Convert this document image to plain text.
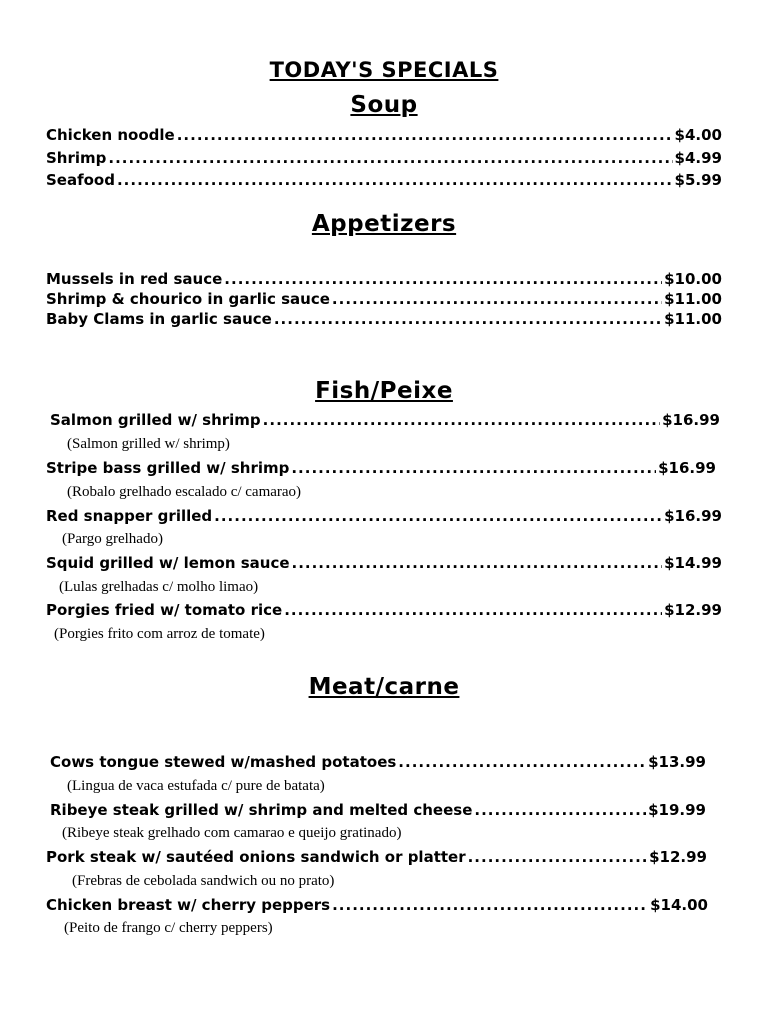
TODAY'S SPECIALS
Soup
Chicken noodle .....	$4.00
Shrimp .....	$4.99
Seafood .....	$5.99
Appetizers
Mussels in red sauce .....	$10.00
Shrimp & chourico in garlic sauce .....	$11.00
Baby Clams in garlic sauce .....	$11.00
Fish/Peixe
Salmon grilled w/ shrimp .....	$16.99
(Salmon grilled w/ shrimp)
Stripe bass grilled w/ shrimp .....	$16.99
(Robalo grelhado escalado c/ camarao)
Red snapper grilled .....	$16.99
(Pargo grelhado)
Squid grilled w/ lemon sauce .....	$14.99
(Lulas grelhadas c/ molho limao)
Porgies fried w/ tomato rice .....	$12.99
(Porgies frito com arroz de tomate)
Meat/carne
Cows tongue stewed w/mashed potatoes .....	$13.99
(Lingua de vaca estufada c/ pure de batata)
Ribeye steak grilled w/ shrimp and melted cheese .....	$19.99
(Ribeye steak grelhado com camarao e queijo gratinado)
Pork steak w/ sautéed onions sandwich or platter .....	$12.99
(Frebras de cebolada sandwich ou no prato)
Chicken breast w/ cherry peppers .....	$14.00
(Peito de frango c/ cherry peppers)
